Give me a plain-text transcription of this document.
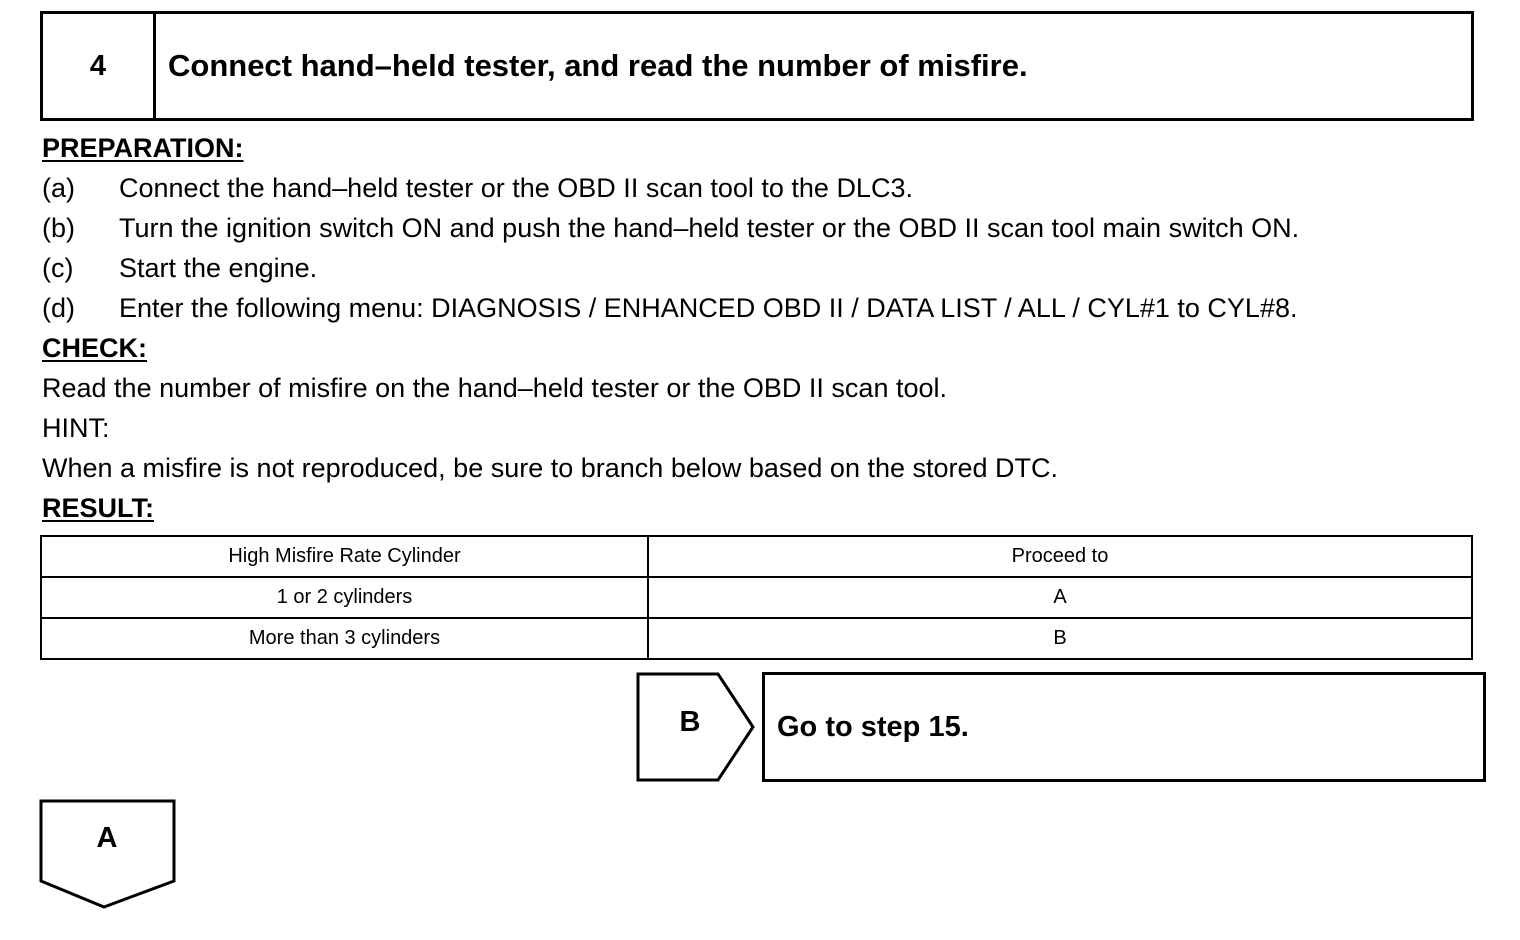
4	Connect hand–held tester, and read the number of misfire.
PREPARATION:
(a)	Connect the hand–held tester or the OBD II scan tool to the DLC3.
(b)	Turn the ignition switch ON and push the hand–held tester or the OBD II scan tool main switch ON.
(c)	Start the engine.
(d)	Enter the following menu: DIAGNOSIS / ENHANCED OBD II / DATA LIST / ALL / CYL#1 to CYL#8.
CHECK:
Read the number of misfire on the hand–held tester or the OBD II scan tool.
HINT:
When a misfire is not reproduced, be sure to branch below based on the stored DTC.
RESULT:
High Misfire Rate Cylinder	Proceed to
1 or 2 cylinders	A
More than 3 cylinders	B
B	Go to step 15.
A
